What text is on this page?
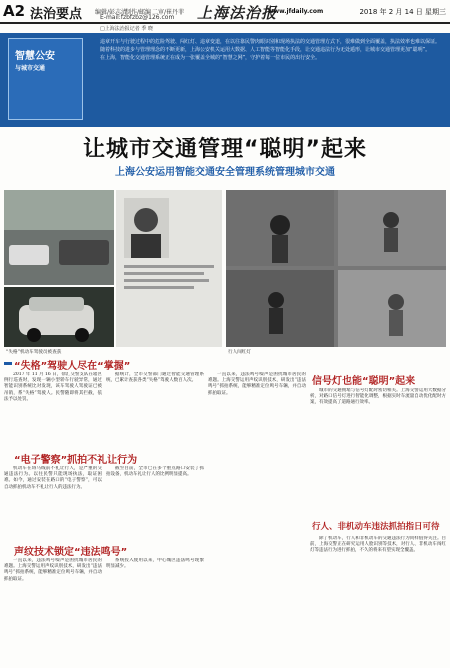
A2 法治要点 编辑/彭志清
制作/邮编 二审/崔丹菲
E-mail:fzbfzbz@126.com 上海法治报
www.jfdaily.com	2018 年 2 月 14 日 星期三
□上海法治报记者 季 晓
智慧公安
与城市交通

违章开车与行驶过程中的危险驾驶、闯红灯、违章变道，在以往靠民警肉眼识别和现场执法的交通管理方式下，很难做到全面覆盖，执法效率也难以保证。

随着科技的进步与管理理念的不断更新，上海公安机关运用大数据、人工智能等智能化手段，让交通违法行为无处遁形，让城市交通管理更加“聪明”。

在上海，智能化交通管理系统正在成为一张覆盖全城的“智慧之网”，守护着每一位市民的出行安全。

让城市交通管理“聪明”起来
上海公安运用智能交通安全管理系统管理城市交通
“失格”机动车驾驶员被查获	行人闯红灯
“失格”驾驶人尽在“掌握”

2017 年 11 月 16 日，徐汇交警支队在辖区例行巡查时，发现一辆小型轿车行驶异常，通过智能识别系统比对发现，该车驾驶人驾驶证已被吊销，系“失格”驾驶人。民警随即将其拦截，依法予以处罚。

据统计，全市交警部门通过智能交通管理系统，已累计查获各类“失格”驾驶人数百人次。

“电子警察”抓拍不礼让行为

机动车在斑马线前不礼让行人，是严重的交通违法行为。以往民警只能现场执法，取证困难。如今，通过安装在路口的“电子警察”，可以自动抓拍机动车不礼让行人的违法行为。

截至目前，全市已在多个重点路口安装了抓拍设备，机动车礼让行人的比例明显提高。

声纹技术锁定“违法鸣号”

一直以来，违法鸣号噪声是困扰城市居民的难题。上海交警运用声纹识别技术，研发出“违法鸣号”抓拍系统，能够精准定位鸣号车辆，并自动抓拍取证。

系统投入使用以来，中心城区违法鸣号现象明显减少。

一直以来，违法鸣号噪声是困扰城市居民的难题。上海交警运用声纹识别技术，研发出“违法鸣号”抓拍系统，能够精准定位鸣号车辆，并自动抓拍取证。

信号灯也能“聪明”起来

城市的交通拥堵与信号灯配时密切相关。上海交警运用大数据分析，对路口信号灯进行智能化调整，根据实时车流量自动优化配时方案，有效提高了道路通行效率。

行人、非机动车违法抓拍指日可待

除了机动车，行人和非机动车的交通违法行为同样值得关注。目前，上海交警正在研究运用人脸识别等技术，对行人、非机动车闯红灯等违法行为进行抓拍，不久的将来有望实现全覆盖。
